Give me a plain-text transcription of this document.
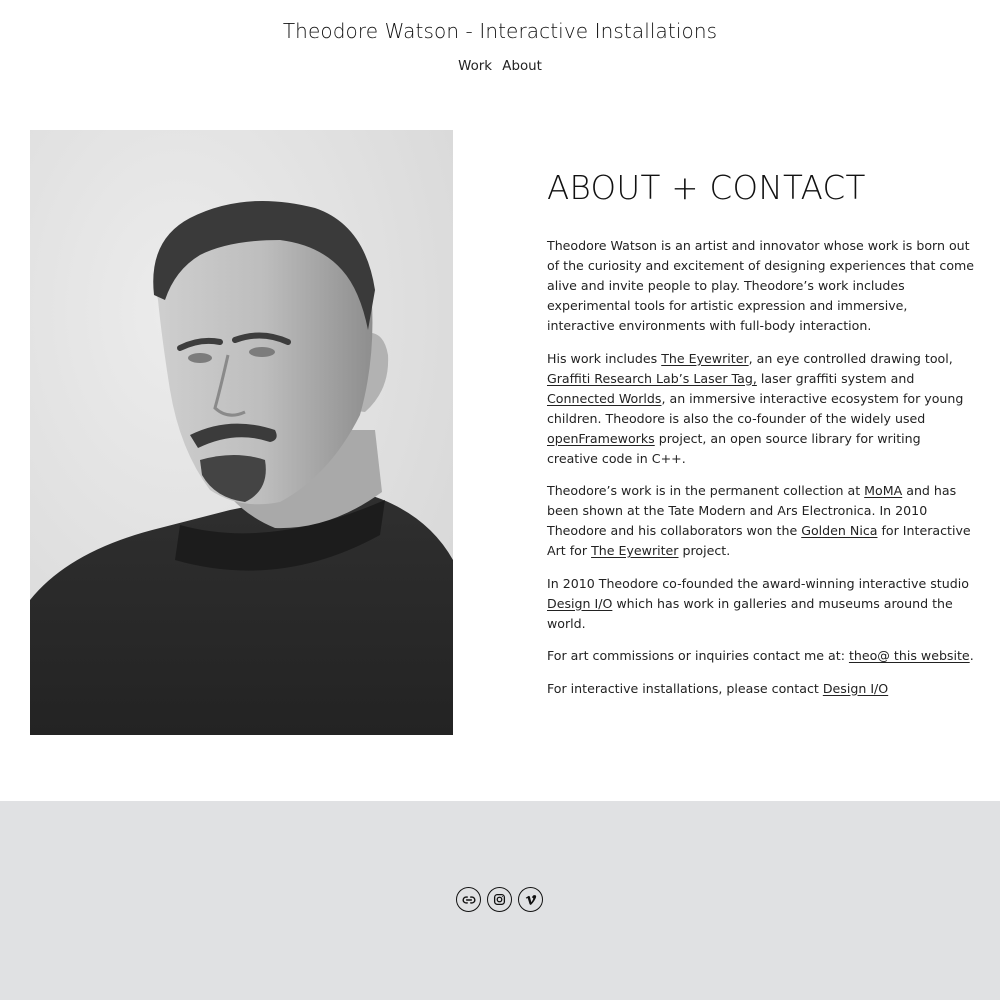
Theodore Watson - Interactive Installations
Work About
ABOUT + CONTACT

Theodore Watson is an artist and innovator whose work is born out of the curiosity and excitement of designing experiences that come alive and invite people to play. Theodore’s work includes experimental tools for artistic expression and immersive, interactive environments with full-body interaction.

His work includes The Eyewriter, an eye controlled drawing tool, Graffiti Research Lab’s Laser Tag, laser graffiti system and Connected Worlds, an immersive interactive ecosystem for young children. Theodore is also the co-founder of the widely used openFrameworks project, an open source library for writing creative code in C++.

Theodore’s work is in the permanent collection at MoMA and has been shown at the Tate Modern and Ars Electronica. In 2010 Theodore and his collaborators won the Golden Nica for Interactive Art for The Eyewriter project.

In 2010 Theodore co-founded the award-winning interactive studio Design I/O which has work in galleries and museums around the world.

For art commissions or inquiries contact me at: theo@ this website.

For interactive installations, please contact Design I/O
